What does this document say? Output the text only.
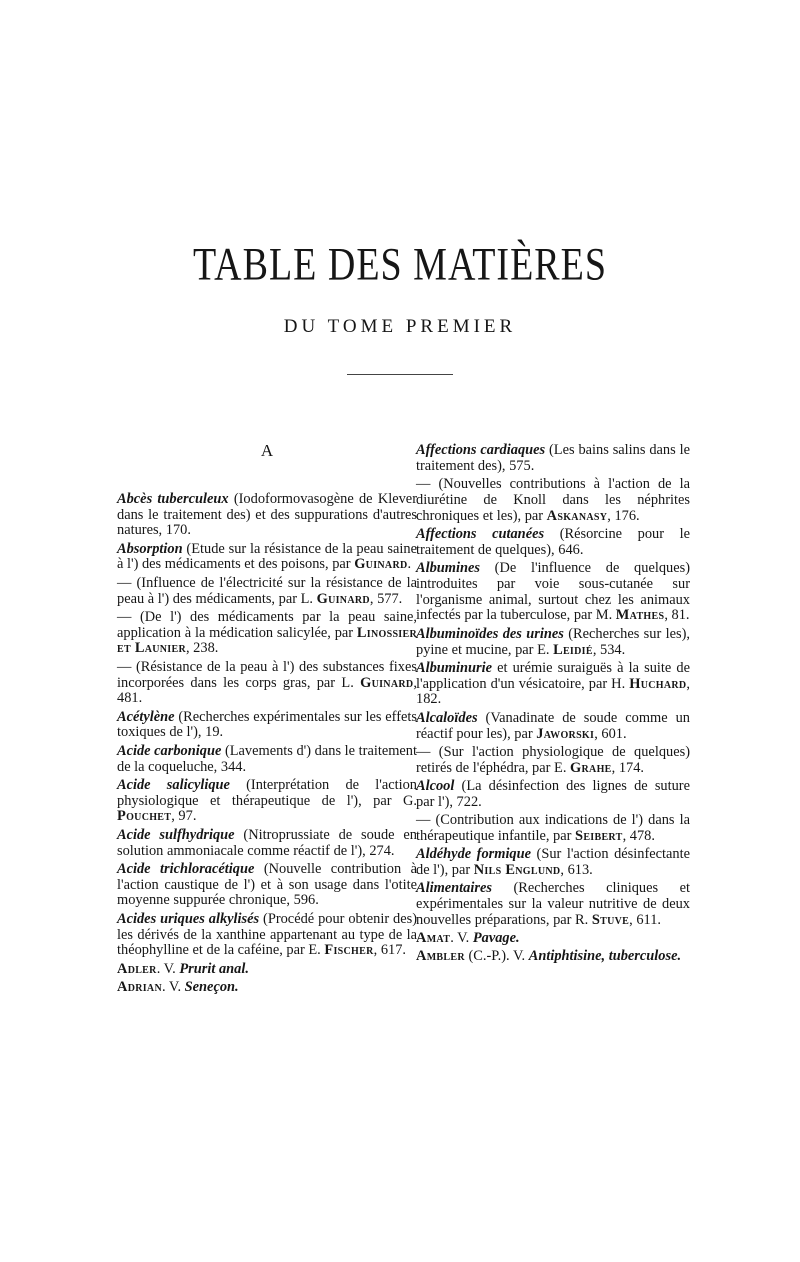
TABLE DES MATIÈRES
DU TOME PREMIER
A
Abcès tuberculeux (Iodoformovasogène de Klever dans le traitement des) et des suppurations d'autres natures, 170.
Absorption (Etude sur la résistance de la peau saine à l') des médicaments et des poisons, par Guinard.
— (Influence de l'électricité sur la résistance de la peau à l') des médicaments, par L. Guinard, 577.
— (De l') des médicaments par la peau saine, application à la médication salicylée, par Linossier et Launier, 238.
— (Résistance de la peau à l') des substances fixes incorporées dans les corps gras, par L. Guinard, 481.
Acétylène (Recherches expérimentales sur les effets toxiques de l'), 19.
Acide carbonique (Lavements d') dans le traitement de la coqueluche, 344.
Acide salicylique (Interprétation de l'action physiologique et thérapeutique de l'), par G. Pouchet, 97.
Acide sulfhydrique (Nitroprussiate de soude en solution ammoniacale comme réactif de l'), 274.
Acide trichloracétique (Nouvelle contribution à l'action caustique de l') et à son usage dans l'otite moyenne suppurée chronique, 596.
Acides uriques alkylisés (Procédé pour obtenir des) les dérivés de la xanthine appartenant au type de la théophylline et de la caféine, par E. Fischer, 617.
Adler. V. Prurit anal.
Adrian. V. Seneçon.
Affections cardiaques (Les bains salins dans le traitement des), 575.
— (Nouvelles contributions à l'action de la diurétine de Knoll dans les néphrites chroniques et les), par Askanasy, 176.
Affections cutanées (Résorcine pour le traitement de quelques), 646.
Albumines (De l'influence de quelques) introduites par voie sous-cutanée sur l'organisme animal, surtout chez les animaux infectés par la tuberculose, par M. Mathes, 81.
Albuminoïdes des urines (Recherches sur les), pyine et mucine, par E. Leidié, 534.
Albuminurie et urémie suraiguës à la suite de l'application d'un vésicatoire, par H. Huchard, 182.
Alcaloïdes (Vanadinate de soude comme un réactif pour les), par Jaworski, 601.
— (Sur l'action physiologique de quelques) retirés de l'éphédra, par E. Grahe, 174.
Alcool (La désinfection des lignes de suture par l'), 722.
— (Contribution aux indications de l') dans la thérapeutique infantile, par Seibert, 478.
Aldéhyde formique (Sur l'action désinfectante de l'), par Nils Englund, 613.
Alimentaires (Recherches cliniques et expérimentales sur la valeur nutritive de deux nouvelles préparations, par R. Stuve, 611.
Amat. V. Pavage.
Ambler (C.-P.). V. Antiphtisine, tuberculose.
